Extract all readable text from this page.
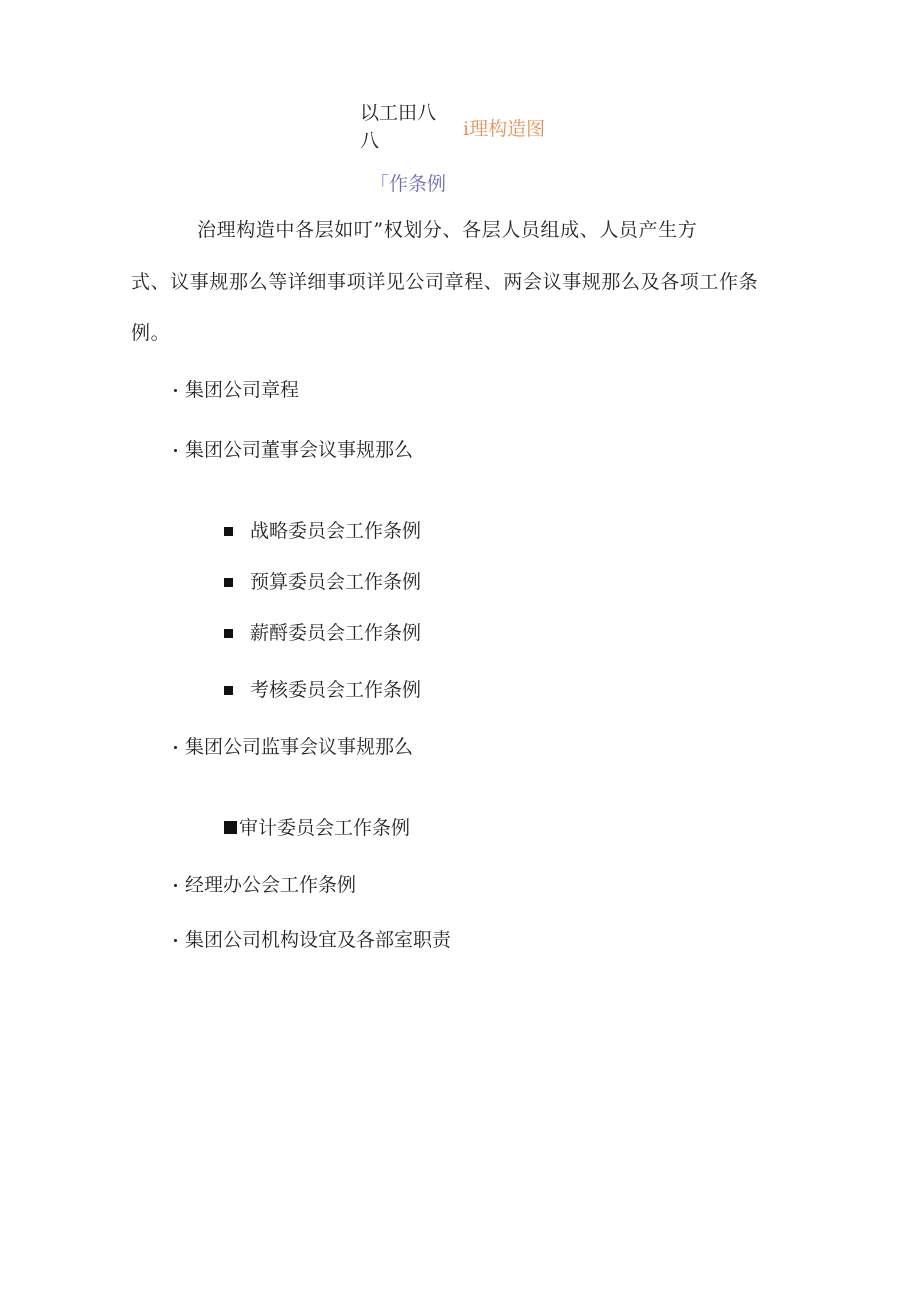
以工田八
八
i理构造图
「作条例
治理构造中各层如叮”权划分、各层人员组成、人员产生方
式、议事规那么等详细事项详见公司章程、两会议事规那么及各项工作条
例。
集团公司章程
集团公司董事会议事规那么
战略委员会工作条例
预算委员会工作条例
薪酹委员会工作条例
考核委员会工作条例
集团公司监事会议事规那么
审计委员会工作条例
经理办公会工作条例
集团公司机构设宜及各部室职责
